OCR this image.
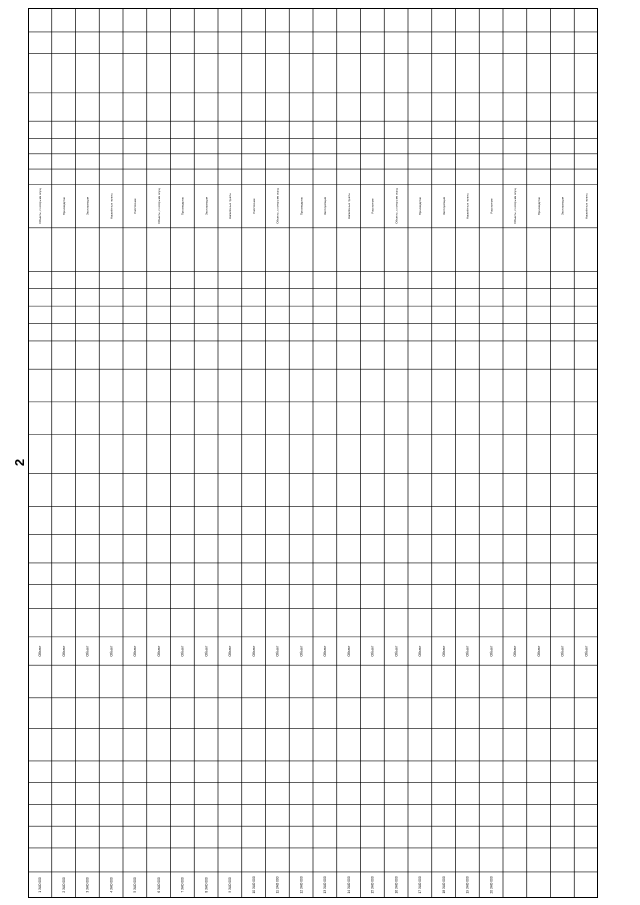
2
1 ЗАО 000
Объект
Объекты, с которыми осущ
2 ЗАО 000
Объект
Производство
3 ЗАО 000
Объект
Эксплуатация
4 ЗАО 000
Объект
Населённые пункты
5 ЗАО 000
Объект
Расстояние
6 ЗАО 000
Объект
Объекты, с которыми осущ
7 ЗАО 000
Объект
Производство
8 ЗАО 000
Объект
Эксплуатация
9 ЗАО 000
Объект
Населённые пункты
10 ЗАО 000
Объект
Расстояние
11 ЗАО 000
Объект
Объекты, с которыми осущ
12 ЗАО 000
Объект
Производство
13 ЗАО 000
Объект
Эксплуатация
14 ЗАО 000
Объект
Населённые пункты
15 ЗАО 000
Объект
Расстояние
16 ЗАО 000
Объект
Объекты, с которыми осущ
17 ЗАО 000
Объект
Производство
18 ЗАО 000
Объект
Эксплуатация
19 ЗАО 000
Объект
Населённые пункты
20 ЗАО 000
Объект
Расстояние
Объект
Объекты, с которыми осущ
Объект
Производство
Объект
Эксплуатация
Объект
Населённые пункты
